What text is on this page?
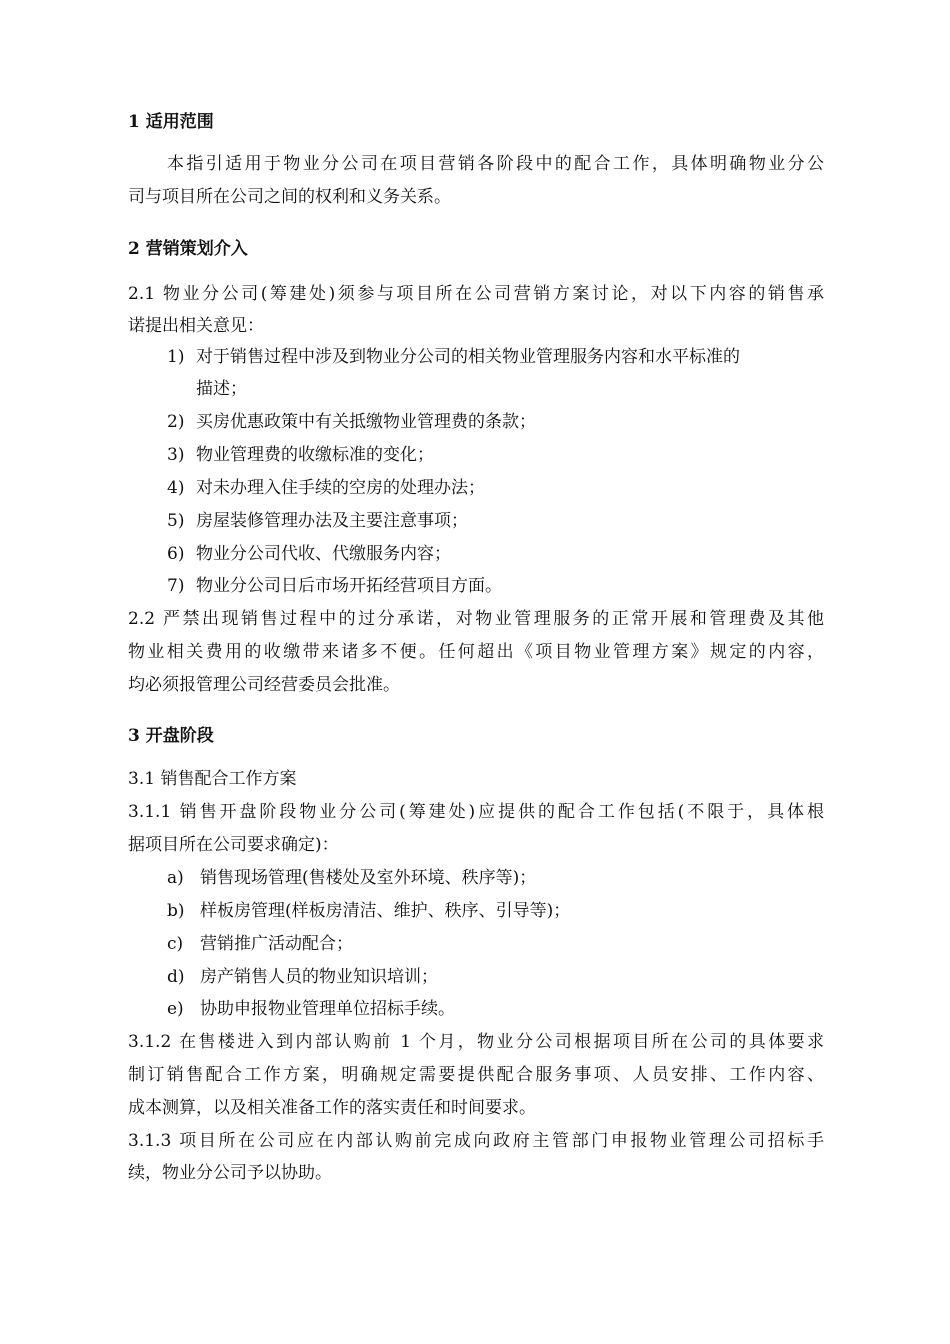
1 适用范围
本指引适用于物业分公司在项目营销各阶段中的配合工作，具体明确物业分公
司与项目所在公司之间的权利和义务关系。
2 营销策划介入
2.1 物业分公司(筹建处)须参与项目所在公司营销方案讨论，对以下内容的销售承
诺提出相关意见：
1) 对于销售过程中涉及到物业分公司的相关物业管理服务内容和水平标准的
描述；
2) 买房优惠政策中有关抵缴物业管理费的条款；
3) 物业管理费的收缴标准的变化；
4) 对未办理入住手续的空房的处理办法；
5) 房屋装修管理办法及主要注意事项；
6) 物业分公司代收、代缴服务内容；
7) 物业分公司日后市场开拓经营项目方面。
2.2 严禁出现销售过程中的过分承诺，对物业管理服务的正常开展和管理费及其他
物业相关费用的收缴带来诸多不便。任何超出《项目物业管理方案》规定的内容，
均必须报管理公司经营委员会批准。
3 开盘阶段
3.1 销售配合工作方案
3.1.1 销售开盘阶段物业分公司(筹建处)应提供的配合工作包括(不限于，具体根
据项目所在公司要求确定)：
a) 销售现场管理(售楼处及室外环境、秩序等)；
b) 样板房管理(样板房清洁、维护、秩序、引导等)；
c) 营销推广活动配合；
d) 房产销售人员的物业知识培训；
e) 协助申报物业管理单位招标手续。
3.1.2 在售楼进入到内部认购前 1 个月，物业分公司根据项目所在公司的具体要求
制订销售配合工作方案，明确规定需要提供配合服务事项、人员安排、工作内容、
成本测算，以及相关准备工作的落实责任和时间要求。
3.1.3 项目所在公司应在内部认购前完成向政府主管部门申报物业管理公司招标手
续，物业分公司予以协助。
